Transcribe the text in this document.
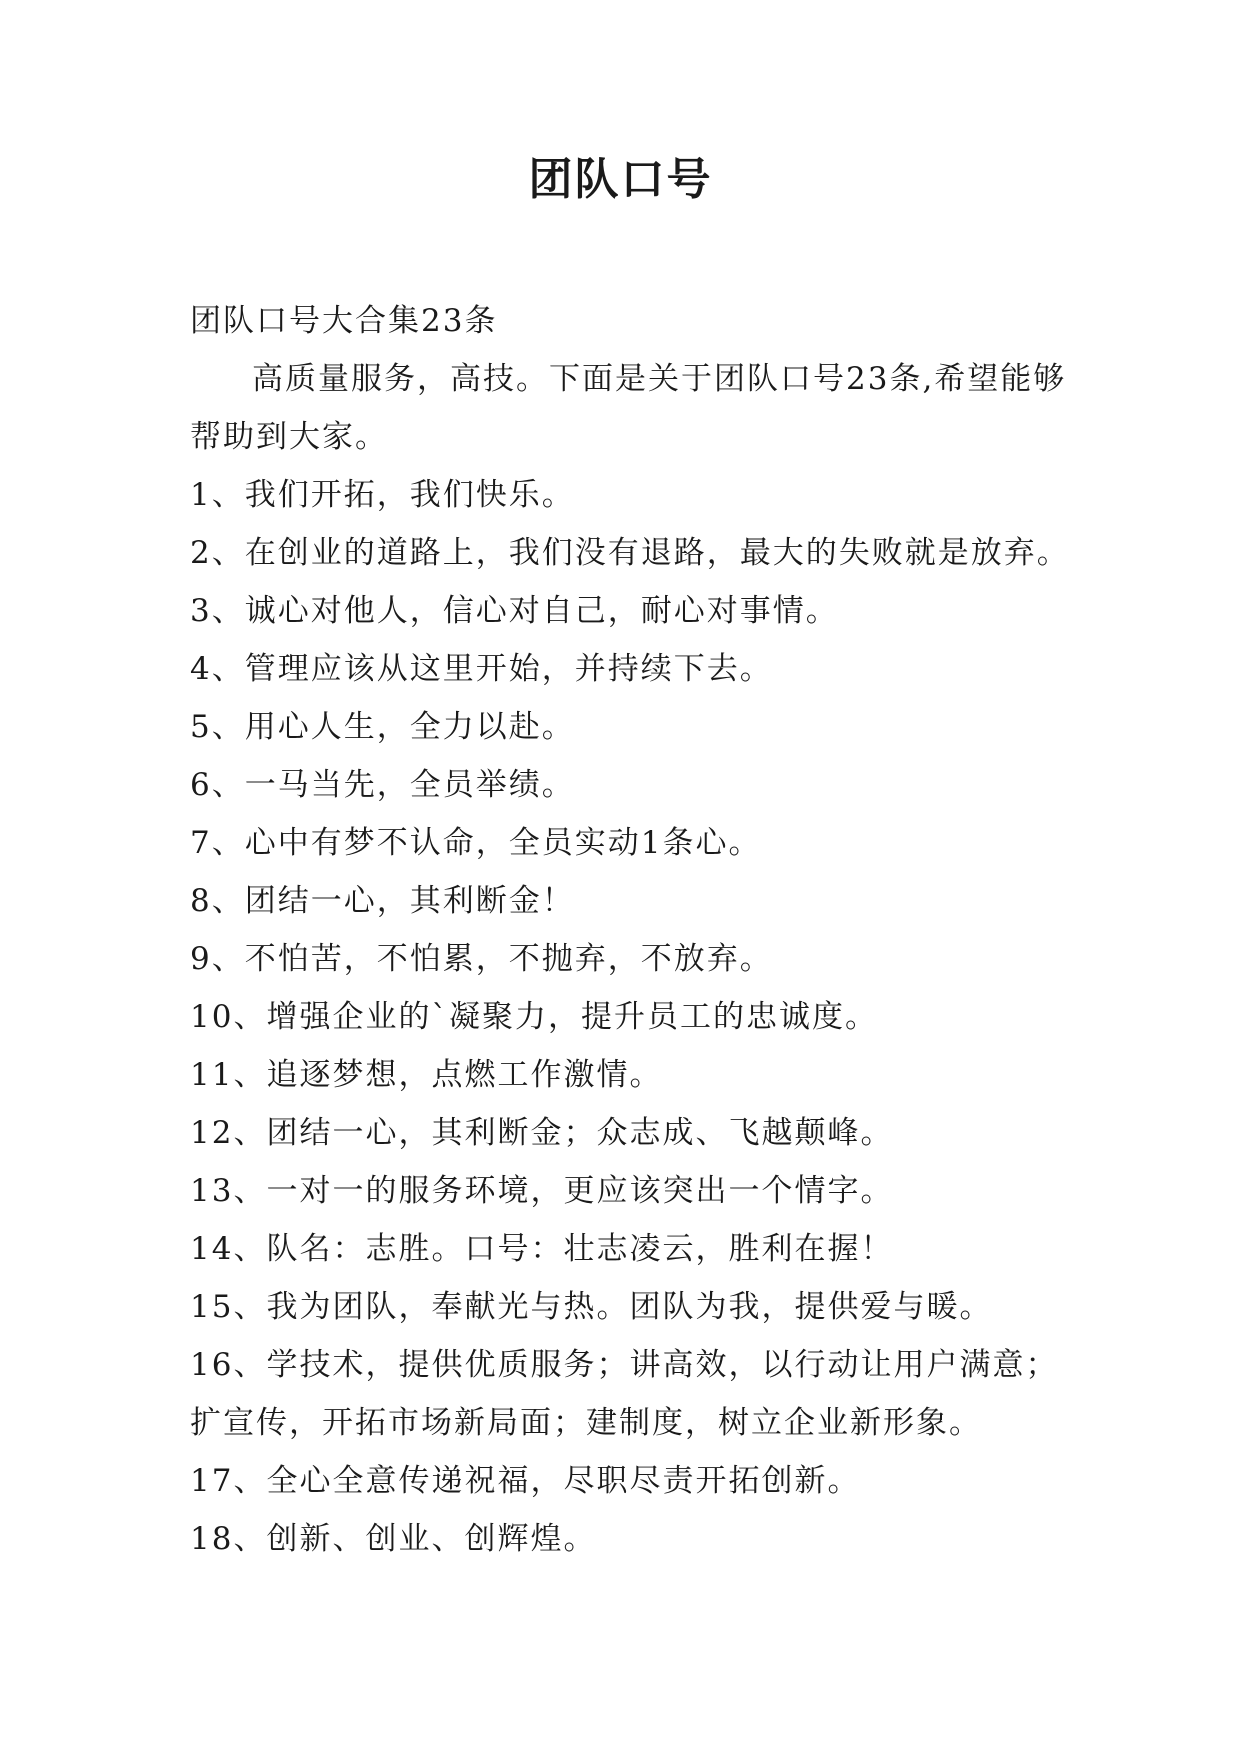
团队口号

团队口号大合集23条

高质量服务，高技。下面是关于团队口号23条,希望能够帮助到大家。

1、我们开拓，我们快乐。
2、在创业的道路上，我们没有退路，最大的失败就是放弃。
3、诚心对他人，信心对自己，耐心对事情。
4、管理应该从这里开始，并持续下去。
5、用心人生，全力以赴。
6、一马当先，全员举绩。
7、心中有梦不认命，全员实动1条心。
8、团结一心，其利断金！
9、不怕苦，不怕累，不抛弃，不放弃。
10、增强企业的`凝聚力，提升员工的忠诚度。
11、追逐梦想，点燃工作激情。
12、团结一心，其利断金；众志成、飞越颠峰。
13、一对一的服务环境，更应该突出一个情字。
14、队名：志胜。口号：壮志凌云，胜利在握！
15、我为团队，奉献光与热。团队为我，提供爱与暖。
16、学技术，提供优质服务；讲高效，以行动让用户满意；扩宣传，开拓市场新局面；建制度，树立企业新形象。
17、全心全意传递祝福，尽职尽责开拓创新。
18、创新、创业、创辉煌。
